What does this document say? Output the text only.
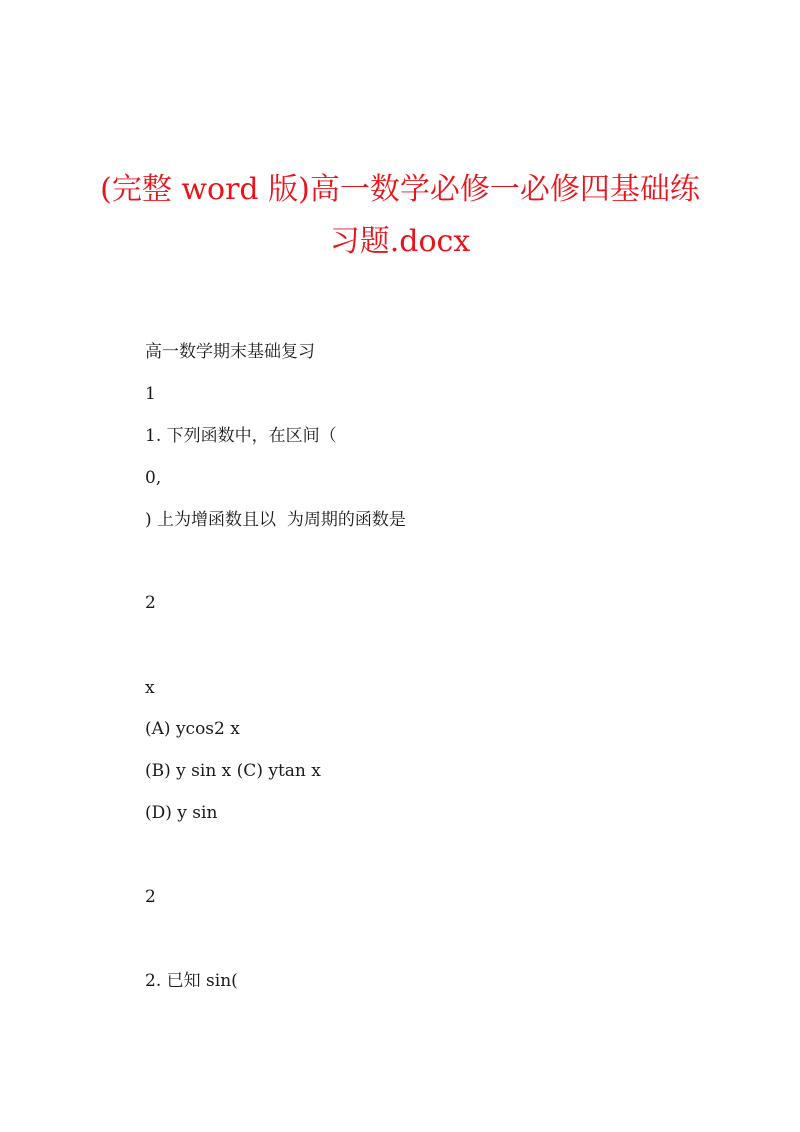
(完整 word 版)高一数学必修一必修四基础练
习题.docx
高一数学期末基础复习
1
1. 下列函数中，在区间（
0,
) 上为增函数且以  为周期的函数是
2
x
(A) ycos2 x
(B) y sin x (C) ytan x
(D) y sin
2
2. 已知 sin(
